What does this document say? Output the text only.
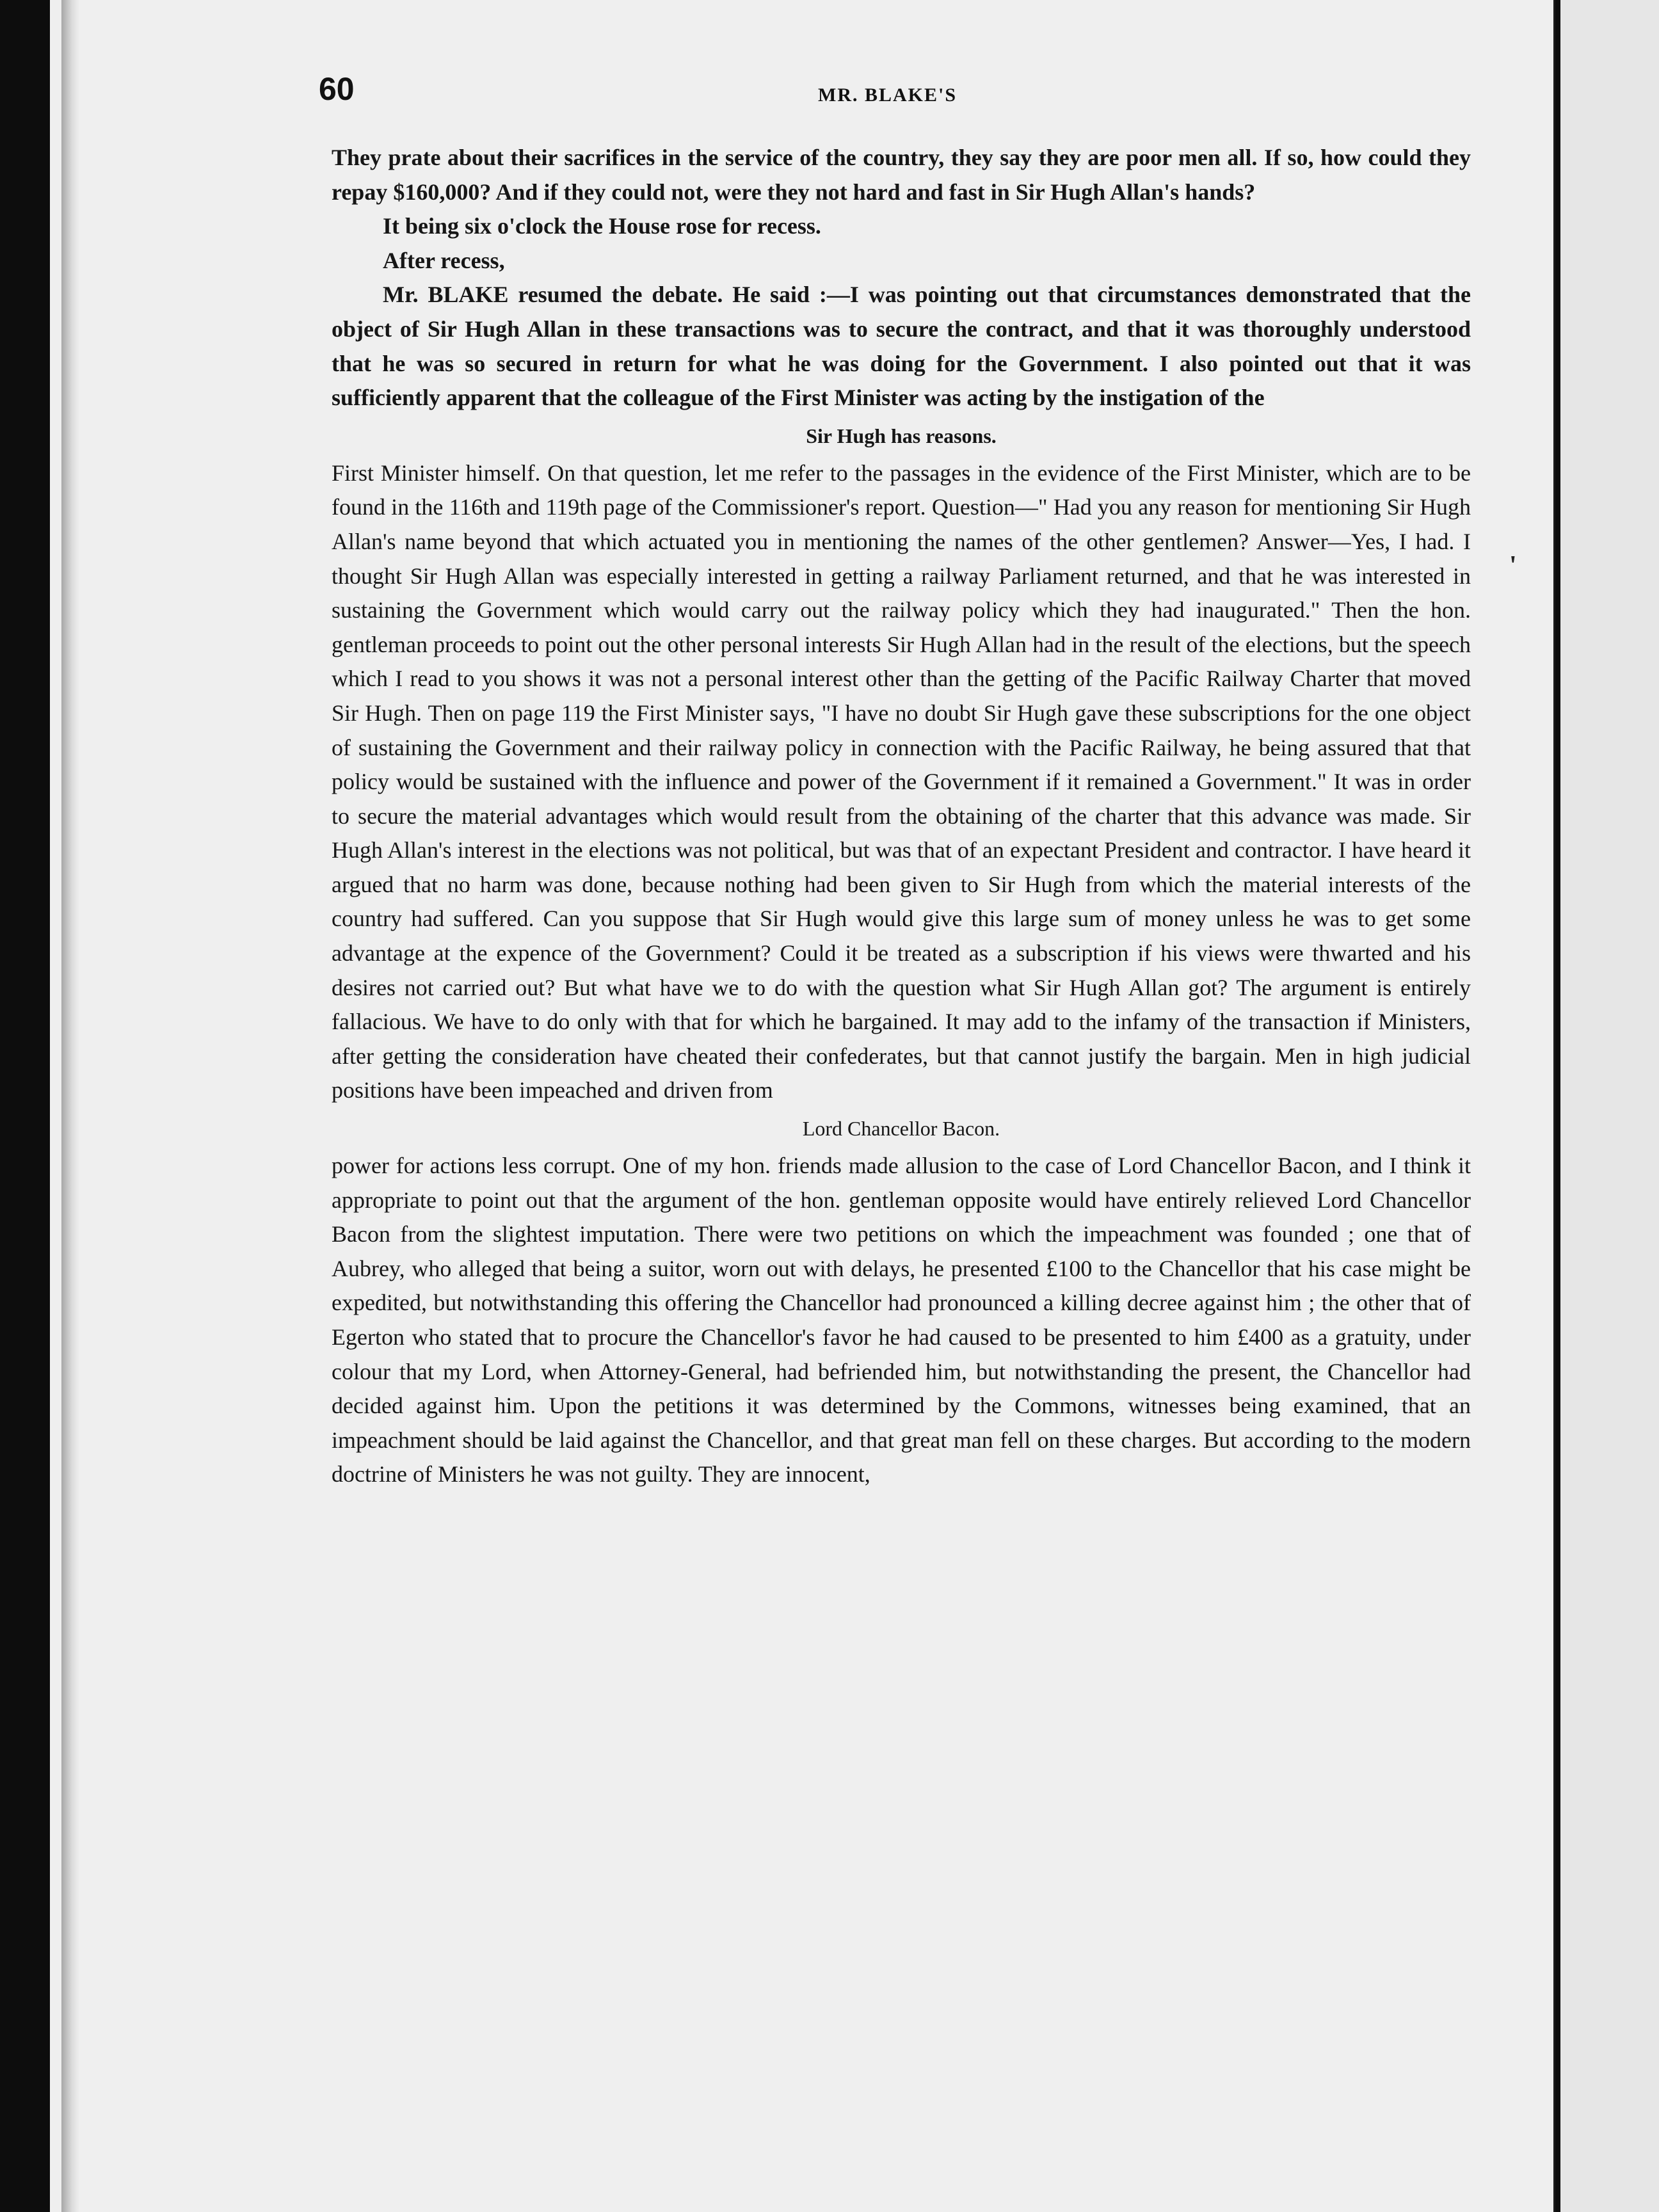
60	MR. BLAKE'S

They prate about their sacrifices in the service of the country, they say they are poor men all. If so, how could they repay $160,000? And if they could not, were they not hard and fast in Sir Hugh Allan's hands?

It being six o'clock the House rose for recess.

After recess,

Mr. BLAKE resumed the debate. He said :—I was pointing out that circumstances demonstrated that the object of Sir Hugh Allan in these transactions was to secure the contract, and that it was thoroughly understood that he was so secured in return for what he was doing for the Government. I also pointed out that it was sufficiently apparent that the colleague of the First Minister was acting by the instigation of the

Sir Hugh has reasons.

First Minister himself. On that question, let me refer to the passages in the evidence of the First Minister, which are to be found in the 116th and 119th page of the Commissioner's report. Question—" Had you any reason for mentioning Sir Hugh Allan's name beyond that which actuated you in mentioning the names of the other gentlemen? Answer—Yes, I had. I thought Sir Hugh Allan was especially interested in getting a railway Parliament returned, and that he was interested in sustaining the Government which would carry out the railway policy which they had inaugurated." Then the hon. gentleman proceeds to point out the other personal interests Sir Hugh Allan had in the result of the elections, but the speech which I read to you shows it was not a personal interest other than the getting of the Pacific Railway Charter that moved Sir Hugh. Then on page 119 the First Minister says, "I have no doubt Sir Hugh gave these subscriptions for the one object of sustaining the Government and their railway policy in connection with the Pacific Railway, he being assured that that policy would be sustained with the influence and power of the Government if it remained a Government." It was in order to secure the material advantages which would result from the obtaining of the charter that this advance was made. Sir Hugh Allan's interest in the elections was not political, but was that of an expectant President and contractor. I have heard it argued that no harm was done, because nothing had been given to Sir Hugh from which the material interests of the country had suffered. Can you suppose that Sir Hugh would give this large sum of money unless he was to get some advantage at the expence of the Government? Could it be treated as a subscription if his views were thwarted and his desires not carried out? But what have we to do with the question what Sir Hugh Allan got? The argument is entirely fallacious. We have to do only with that for which he bargained. It may add to the infamy of the transaction if Ministers, after getting the consideration have cheated their confederates, but that cannot justify the bargain. Men in high judicial positions have been impeached and driven from

Lord Chancellor Bacon.

power for actions less corrupt. One of my hon. friends made allusion to the case of Lord Chancellor Bacon, and I think it appropriate to point out that the argument of the hon. gentleman opposite would have entirely relieved Lord Chancellor Bacon from the slightest imputation. There were two petitions on which the impeachment was founded ; one that of Aubrey, who alleged that being a suitor, worn out with delays, he presented £100 to the Chancellor that his case might be expedited, but notwithstanding this offering the Chancellor had pronounced a killing decree against him ; the other that of Egerton who stated that to procure the Chancellor's favor he had caused to be presented to him £400 as a gratuity, under colour that my Lord, when Attorney-General, had befriended him, but notwithstanding the present, the Chancellor had decided against him. Upon the petitions it was determined by the Commons, witnesses being examined, that an impeachment should be laid against the Chancellor, and that great man fell on these charges. But according to the modern doctrine of Ministers he was not guilty. They are innocent,

'
